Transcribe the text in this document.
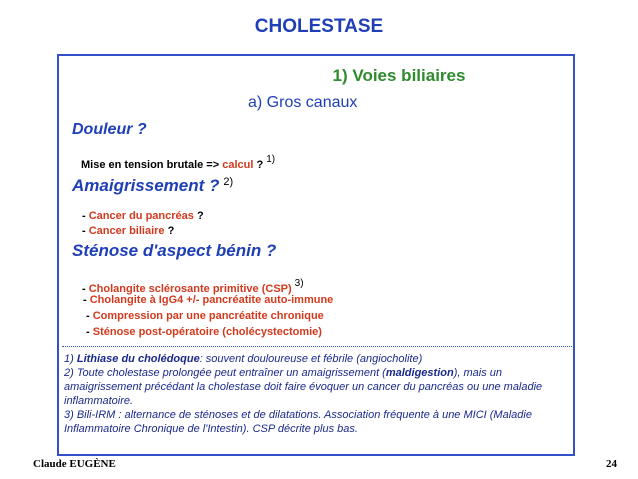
CHOLESTASE
1) Voies biliaires
a) Gros canaux
Douleur ?
Mise en tension brutale => calcul ? 1)
Amaigrissement ? $^{2)}$
- Cancer du pancréas ?
- Cancer biliaire ?
Sténose d'aspect bénin ?
- Cholangite sclérosante primitive (CSP) 3)
- Cholangite à IgG4 +/- pancréatite auto-immune
- Compression par une pancréatite chronique
- Sténose post-opératoire (cholécystectomie)
1) Lithiase du cholédoque: souvent douloureuse et fébrile (angiocholite)
2) Toute cholestase prolongée peut entraîner un amaigrissement (maldigestion), mais un amaigrissement précédant la cholestase doit faire évoquer un cancer du pancréas ou une maladie inflammatoire.
3) Bili-IRM : alternance de sténoses et de dilatations. Association fréquente à une MICI (Maladie Inflammatoire Chronique de l'Intestin). CSP décrite plus bas.
Claude EUGÈNE	24
